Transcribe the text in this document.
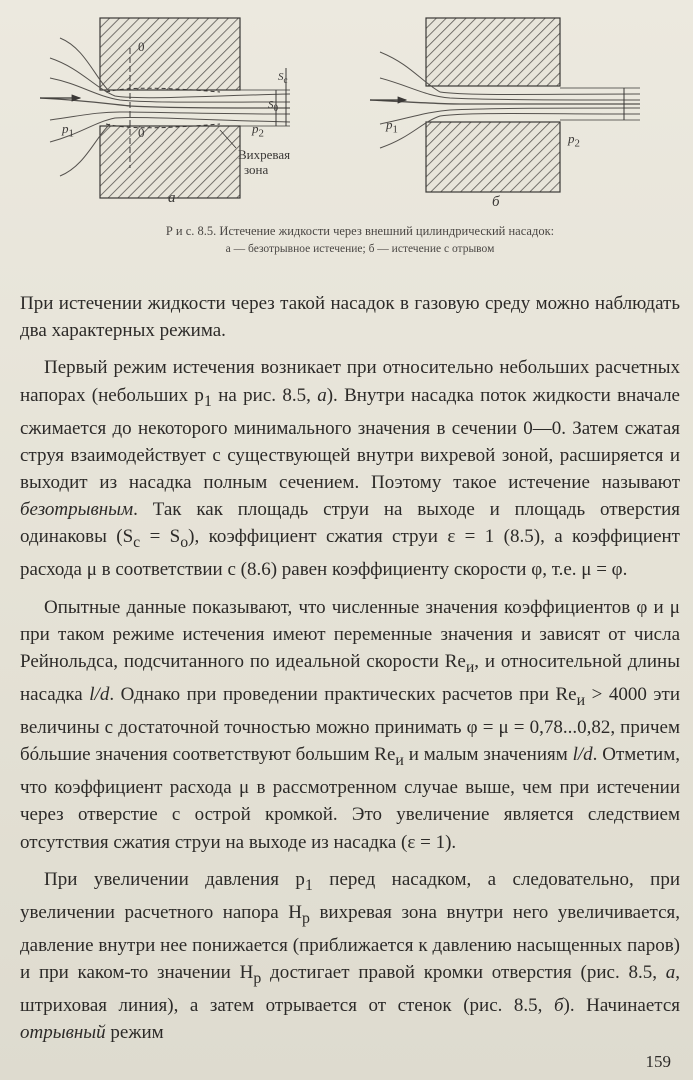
0
0
$p_1$	$p_2$
$S_c$
$S_0$
Вихревая
зона
а
$p_1$
$p_2$
б
Р и с. 8.5. Истечение жидкости через внешний цилиндрический насадок:
а — безотрывное истечение; б — истечение с отрывом

При истечении жидкости через такой насадок в газовую среду можно наблюдать два характерных режима.

Первый режим истечения возникает при относительно небольших расчетных напорах (небольших $p_1$ на рис. 8.5, а). Внутри насадка поток жидкости вначале сжимается до некоторого минимального значения в сечении 0—0. Затем сжатая струя взаимодействует с существующей внутри вихревой зоной, расширяется и выходит из насадка полным сечением. Поэтому такое истечение называют безотрывным. Так как площадь струи на выходе и площадь отверстия одинаковы $(S_с = S_о)$, коэффициент сжатия струи ε = 1 (8.5), а коэффициент расхода μ в соответствии с (8.6) равен коэффициенту скорости φ, т.е. μ = φ.

Опытные данные показывают, что численные значения коэффициентов φ и μ при таком режиме истечения имеют переменные значения и зависят от числа Рейнольдса, подсчитанного по идеальной скорости $Re_и$, и относительной длины насадка l/d. Однако при проведении практических расчетов при $Re_и > 4000$ эти величины с достаточной точностью можно принимать φ = μ = 0,78...0,82, причем бóльшие значения соответствуют большим $Re_и$ и малым значениям l/d. Отметим, что коэффициент расхода μ в рассмотренном случае выше, чем при истечении через отверстие с острой кромкой. Это увеличение является следствием отсутствия сжатия струи на выходе из насадка (ε = 1).

При увеличении давления $p_1$ перед насадком, а следовательно, при увеличении расчетного напора $H_р$ вихревая зона внутри него увеличивается, давление внутри нее понижается (приближается к давлению насыщенных паров) и при каком-то значении $H_р$ достигает правой кромки отверстия (рис. 8.5, а, штриховая линия), а затем отрывается от стенок (рис. 8.5, б). Начинается отрывный режим

159
